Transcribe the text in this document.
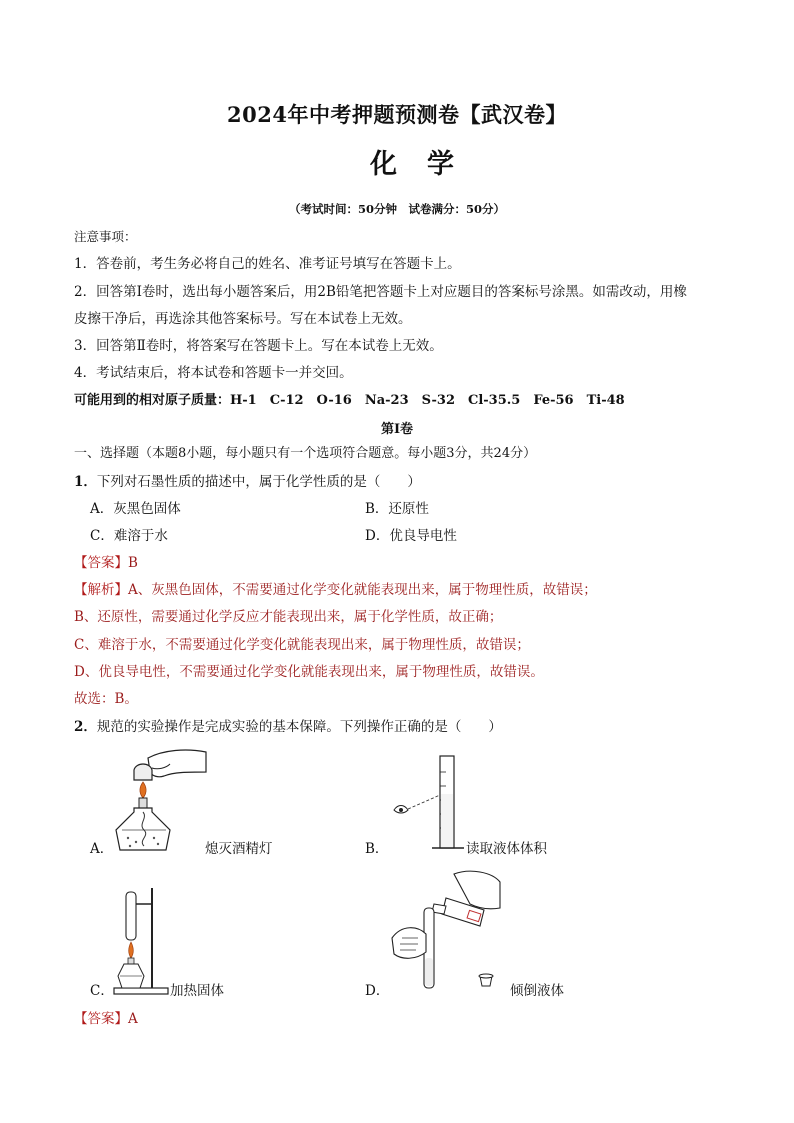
2024年中考押题预测卷【武汉卷】
化学
（考试时间：50分钟　试卷满分：50分）
注意事项：
1．答卷前，考生务必将自己的姓名、准考证号填写在答题卡上。
2．回答第Ⅰ卷时，选出每小题答案后，用2B铅笔把答题卡上对应题目的答案标号涂黑。如需改动，用橡
皮擦干净后，再选涂其他答案标号。写在本试卷上无效。
3．回答第Ⅱ卷时，将答案写在答题卡上。写在本试卷上无效。
4．考试结束后，将本试卷和答题卡一并交回。
可能用到的相对原子质量：H-1　C-12　O-16　Na-23　S-32　Cl-35.5　Fe-56　Ti-48
第Ⅰ卷
一、选择题（本题8小题，每小题只有一个选项符合题意。每小题3分，共24分）
1．下列对石墨性质的描述中，属于化学性质的是（　　）
A．灰黑色固体	B．还原性
C．难溶于水	D．优良导电性
【答案】B
【解析】A、灰黑色固体，不需要通过化学变化就能表现出来，属于物理性质，故错误；
B、还原性，需要通过化学反应才能表现出来，属于化学性质，故正确；
C、难溶于水，不需要通过化学变化就能表现出来，属于物理性质，故错误；
D、优良导电性，不需要通过化学变化就能表现出来，属于物理性质，故错误。
故选：B。
2．规范的实验操作是完成实验的基本保障。下列操作正确的是（　　）
A．	熄灭酒精灯	B．	读取液体体积
C．	加热固体	D．	倾倒液体
【答案】A
